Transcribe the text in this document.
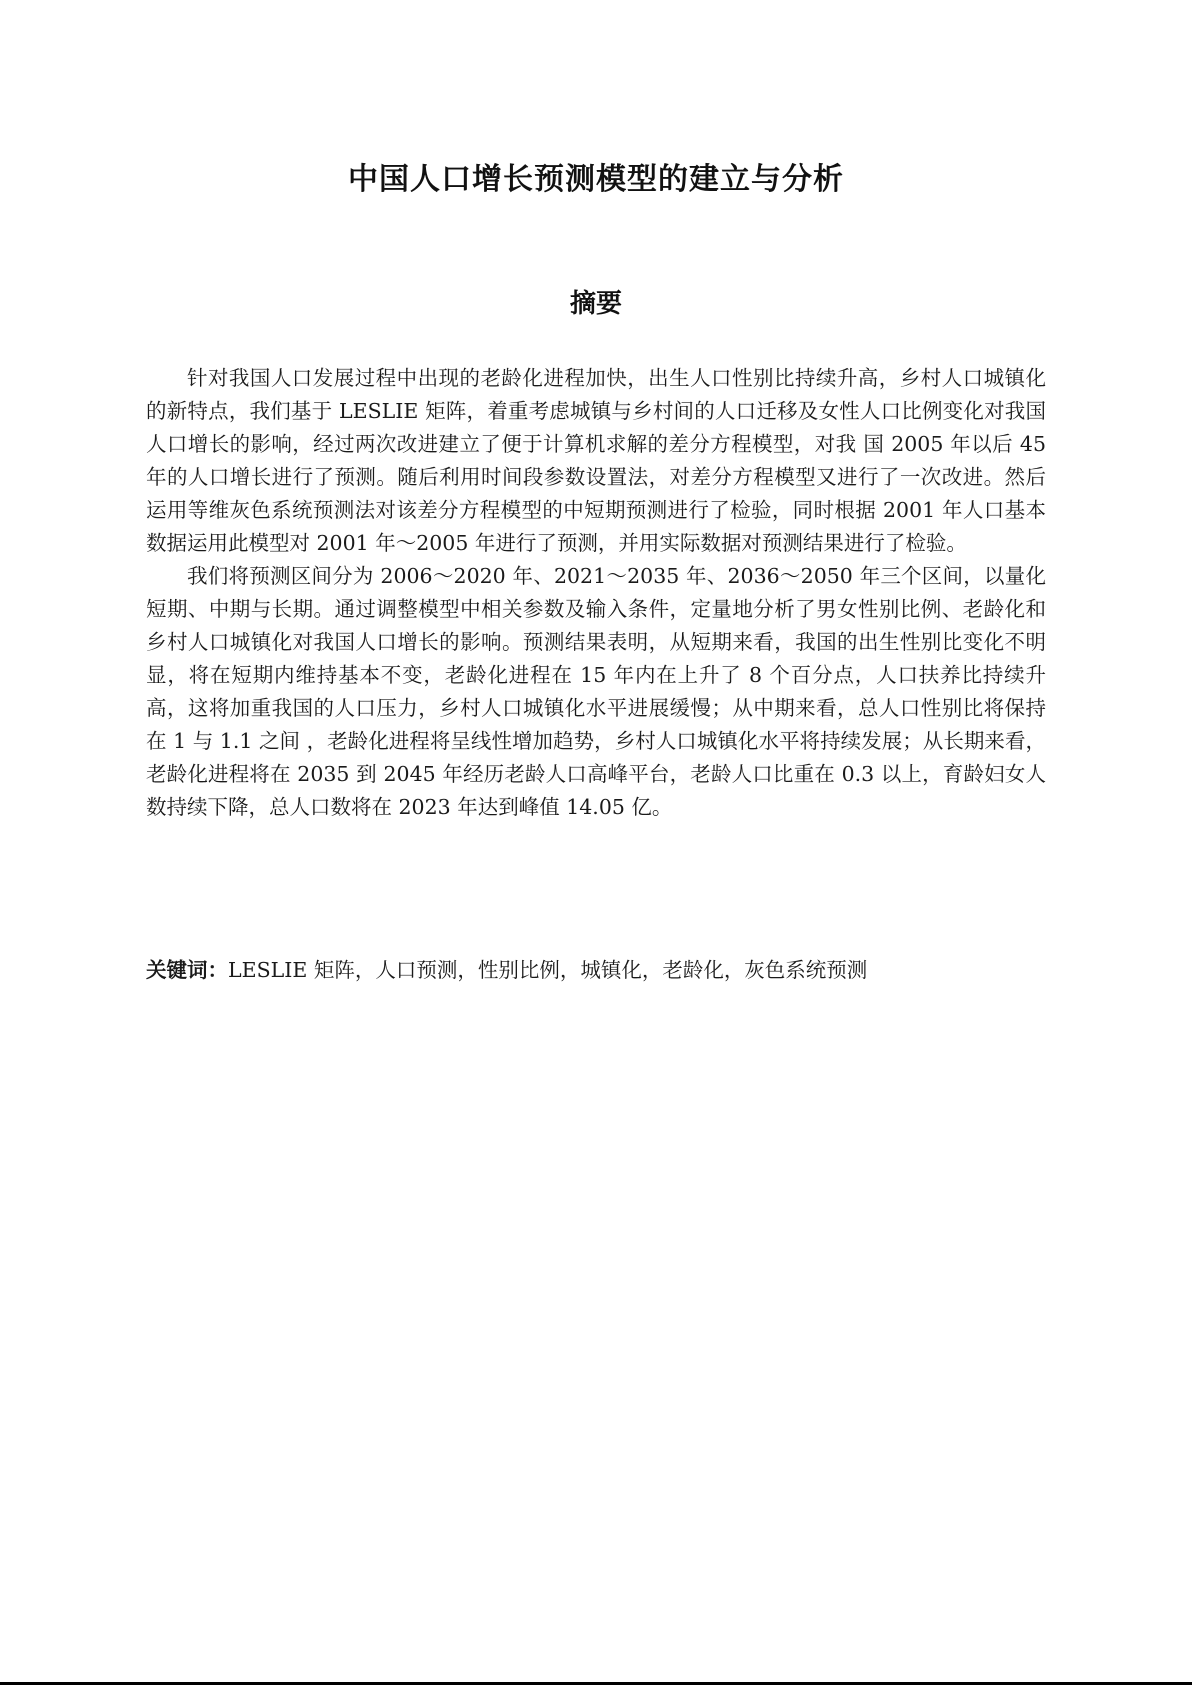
中国人口增长预测模型的建立与分析
摘要

针对我国人口发展过程中出现的老龄化进程加快，出生人口性别比持续升高，乡村人口城镇化的新特点，我们基于 LESLIE 矩阵，着重考虑城镇与乡村间的人口迁移及女性人口比例变化对我国人口增长的影响，经过两次改进建立了便于计算机求解的差分方程模型，对我 国 2005 年以后 45 年的人口增长进行了预测。随后利用时间段参数设置法，对差分方程模型又进行了一次改进。然后运用等维灰色系统预测法对该差分方程模型的中短期预测进行了检验，同时根据 2001 年人口基本数据运用此模型对 2001 年～2005 年进行了预测，并用实际数据对预测结果进行了检验。

我们将预测区间分为 2006～2020 年、2021～2035 年、2036～2050 年三个区间，以量化短期、中期与长期。通过调整模型中相关参数及输入条件，定量地分析了男女性别比例、老龄化和乡村人口城镇化对我国人口增长的影响。预测结果表明，从短期来看，我国的出生性别比变化不明显，将在短期内维持基本不变，老龄化进程在 15 年内在上升了 8 个百分点，人口扶养比持续升高，这将加重我国的人口压力，乡村人口城镇化水平进展缓慢；从中期来看，总人口性别比将保持在 1 与 1.1 之间 ，老龄化进程将呈线性增加趋势，乡村人口城镇化水平将持续发展；从长期来看，老龄化进程将在 2035 到 2045 年经历老龄人口高峰平台，老龄人口比重在 0.3 以上，育龄妇女人数持续下降，总人口数将在 2023 年达到峰值 14.05 亿。

关键词：LESLIE 矩阵，人口预测，性别比例，城镇化，老龄化，灰色系统预测
